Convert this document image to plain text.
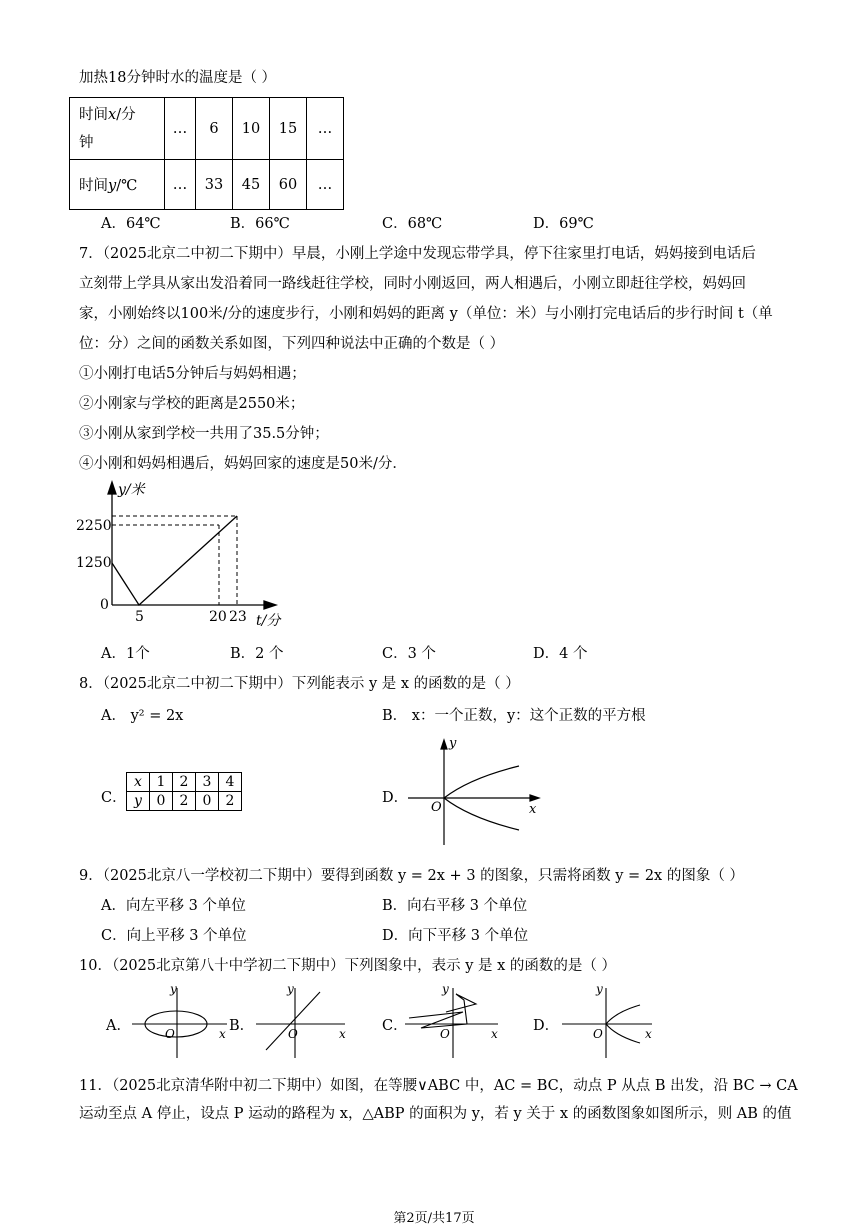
加热18分钟时水的温度是（ ）
时间x/分
钟	…	6	10	15	…
时间y/℃	…	33	45	60	…
A．64℃	B．66℃	C．68℃	D．69℃
7．（2025北京二中初二下期中）早晨，小刚上学途中发现忘带学具，停下往家里打电话，妈妈接到电话后
立刻带上学具从家出发沿着同一路线赶往学校，同时小刚返回，两人相遇后，小刚立即赶往学校，妈妈回
家，小刚始终以100米/分的速度步行，小刚和妈妈的距离 y（单位：米）与小刚打完电话后的步行时间 t（单
位：分）之间的函数关系如图，下列四种说法中正确的个数是（ ）
①小刚打电话5分钟后与妈妈相遇；
②小刚家与学校的距离是2550米；
③小刚从家到学校一共用了35.5分钟；
④小刚和妈妈相遇后，妈妈回家的速度是50米/分．
y/米
t/分
0
2250
1250
5	20 23
A．1个	B．2 个	C．3 个	D．4 个
8．（2025北京二中初二下期中）下列能表示 y 是 x 的函数的是（ ）
A． y² = 2x	B． x：一个正数，y：这个正数的平方根
C．
x	1	2	3	4
y	0	2	0	2	D．
y
x
O
9．（2025北京八一学校初二下期中）要得到函数 y = 2x + 3 的图象，只需将函数 y = 2x 的图象（ ）
A．向左平移 3 个单位	B．向右平移 3 个单位
C．向上平移 3 个单位	D．向下平移 3 个单位
10．（2025北京第八十中学初二下期中）下列图象中，表示 y 是 x 的函数的是（ ）
A．	B．	C．	D．
y
x
O
y
x
O
y
x
O
y
x
O
11．（2025北京清华附中初二下期中）如图，在等腰∨ABC 中，AC = BC，动点 P 从点 B 出发，沿 BC → CA
运动至点 A 停止，设点 P 运动的路程为 x，△ABP 的面积为 y，若 y 关于 x 的函数图象如图所示，则 AB 的值
第2页/共17页
